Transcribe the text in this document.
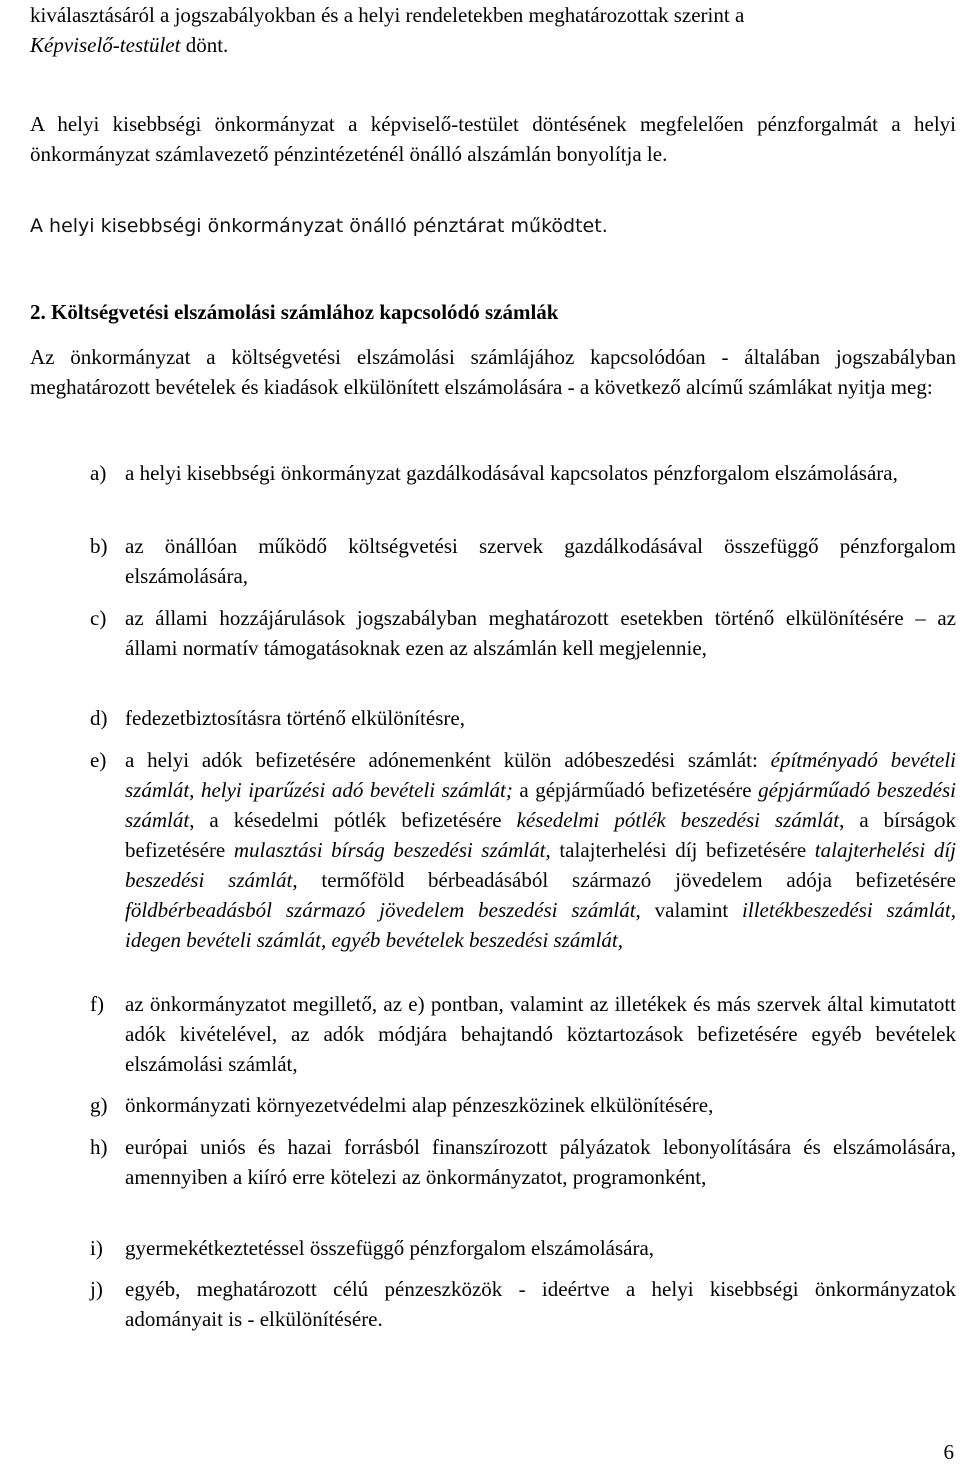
kiválasztásáról a jogszabályokban és a helyi rendeletekben meghatározottak szerint a
Képviselő-testület dönt.

A helyi kisebbségi önkormányzat a képviselő-testület döntésének megfelelően pénzforgalmát a helyi önkormányzat számlavezető pénzintézeténél önálló alszámlán bonyolítja le.

A helyi kisebbségi önkormányzat önálló pénztárat működtet.

2. Költségvetési elszámolási számlához kapcsolódó számlák

Az önkormányzat a költségvetési elszámolási számlájához kapcsolódóan - általában jogszabályban meghatározott bevételek és kiadások elkülönített elszámolására - a következő alcímű számlákat nyitja meg:

a) a helyi kisebbségi önkormányzat gazdálkodásával kapcsolatos pénzforgalom elszámolására,
b) az önállóan működő költségvetési szervek gazdálkodásával összefüggő pénzforgalom elszámolására,
c) az állami hozzájárulások jogszabályban meghatározott esetekben történő elkülönítésére – az állami normatív támogatásoknak ezen az alszámlán kell megjelennie,
d) fedezetbiztosításra történő elkülönítésre,
e) a helyi adók befizetésére adónemenként külön adóbeszedési számlát: építményadó bevételi számlát, helyi iparűzési adó bevételi számlát; a gépjárműadó befizetésére gépjárműadó beszedési számlát, a késedelmi pótlék befizetésére késedelmi pótlék beszedési számlát, a bírságok befizetésére mulasztási bírság beszedési számlát, talajterhelési díj befizetésére talajterhelési díj beszedési számlát, termőföld bérbeadásából származó jövedelem adója befizetésére földbérbeadásból származó jövedelem beszedési számlát, valamint illetékbeszedési számlát, idegen bevételi számlát, egyéb bevételek beszedési számlát,
f) az önkormányzatot megillető, az e) pontban, valamint az illetékek és más szervek által kimutatott adók kivételével, az adók módjára behajtandó köztartozások befizetésére egyéb bevételek elszámolási számlát,
g) önkormányzati környezetvédelmi alap pénzeszközinek elkülönítésére,
h) európai uniós és hazai forrásból finanszírozott pályázatok lebonyolítására és elszámolására, amennyiben a kiíró erre kötelezi az önkormányzatot, programonként,
i) gyermekétkeztetéssel összefüggő pénzforgalom elszámolására,
j) egyéb, meghatározott célú pénzeszközök - ideértve a helyi kisebbségi önkormányzatok adományait is - elkülönítésére.
6
